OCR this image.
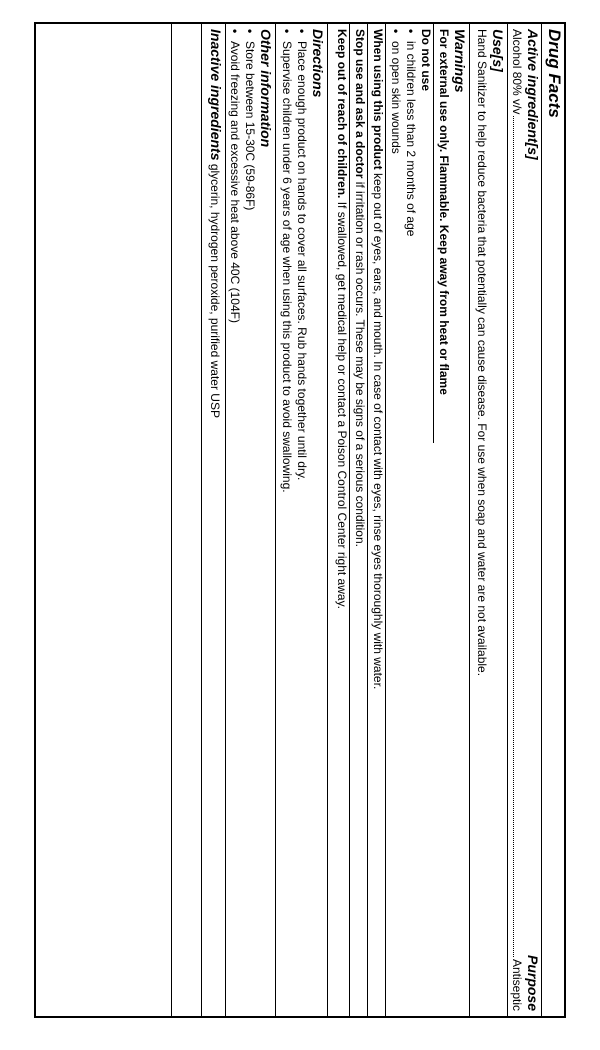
Drug Facts
Active ingredient[s]
Purpose
Alcohol 80% v/v
Antiseptic
Use[s]
Hand Sanitizer to help reduce bacteria that potentially can cause disease. For use when soap and water are not available.
Warnings
For external use only. Flammable. Keep away from heat or flame
Do not use
• in children less than 2 months of age
• on open skin wounds
When using this product keep out of eyes, ears, and mouth. In case of contact with eyes, rinse eyes thoroughly with water.
Stop use and ask a doctor if irritation or rash occurs. These may be signs of a serious condition.
Keep out of reach of children. If swallowed, get medical help or contact a Poison Control Center right away.
Directions
• Place enough product on hands to cover all surfaces. Rub hands together until dry.
• Supervise children under 6 years of age when using this product to avoid swallowing.
Other information
• Store between 15-30C (59-86F)
• Avoid freezing and excessive heat above 40C (104F)
Inactive ingredients glycerin, hydrogen peroxide, purified water USP
